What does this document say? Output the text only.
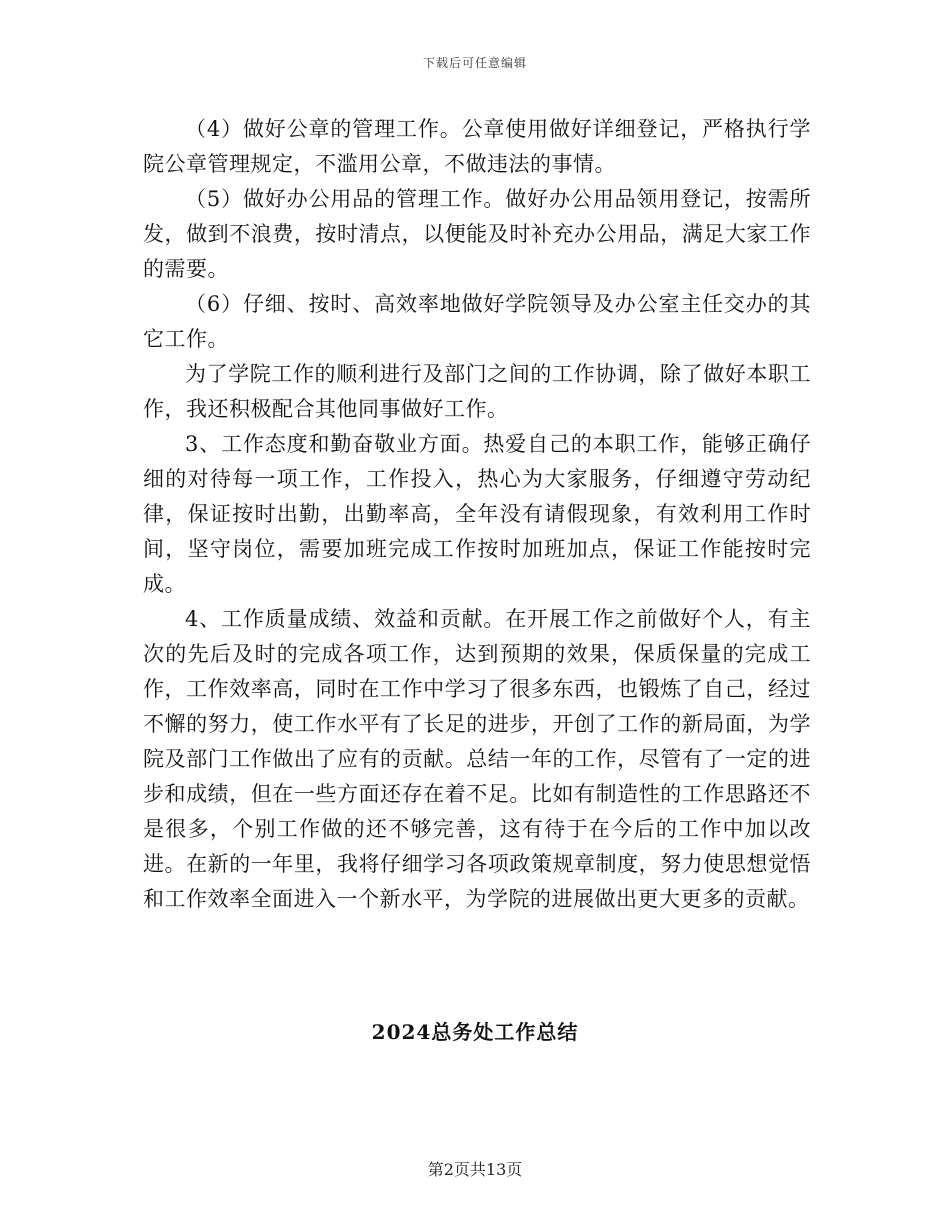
下载后可任意编辑

（4）做好公章的管理工作。公章使用做好详细登记，严格执行学院公章管理规定，不滥用公章，不做违法的事情。

（5）做好办公用品的管理工作。做好办公用品领用登记，按需所发，做到不浪费，按时清点，以便能及时补充办公用品，满足大家工作的需要。

（6）仔细、按时、高效率地做好学院领导及办公室主任交办的其它工作。

为了学院工作的顺利进行及部门之间的工作协调，除了做好本职工作，我还积极配合其他同事做好工作。

3、工作态度和勤奋敬业方面。热爱自己的本职工作，能够正确仔细的对待每一项工作，工作投入，热心为大家服务，仔细遵守劳动纪律，保证按时出勤，出勤率高，全年没有请假现象，有效利用工作时间，坚守岗位，需要加班完成工作按时加班加点，保证工作能按时完成。

4、工作质量成绩、效益和贡献。在开展工作之前做好个人，有主次的先后及时的完成各项工作，达到预期的效果，保质保量的完成工作，工作效率高，同时在工作中学习了很多东西，也锻炼了自己，经过不懈的努力，使工作水平有了长足的进步，开创了工作的新局面，为学院及部门工作做出了应有的贡献。总结一年的工作，尽管有了一定的进步和成绩，但在一些方面还存在着不足。比如有制造性的工作思路还不是很多，个别工作做的还不够完善，这有待于在今后的工作中加以改进。在新的一年里，我将仔细学习各项政策规章制度，努力使思想觉悟和工作效率全面进入一个新水平，为学院的进展做出更大更多的贡献。

2024总务处工作总结
第2页共13页
